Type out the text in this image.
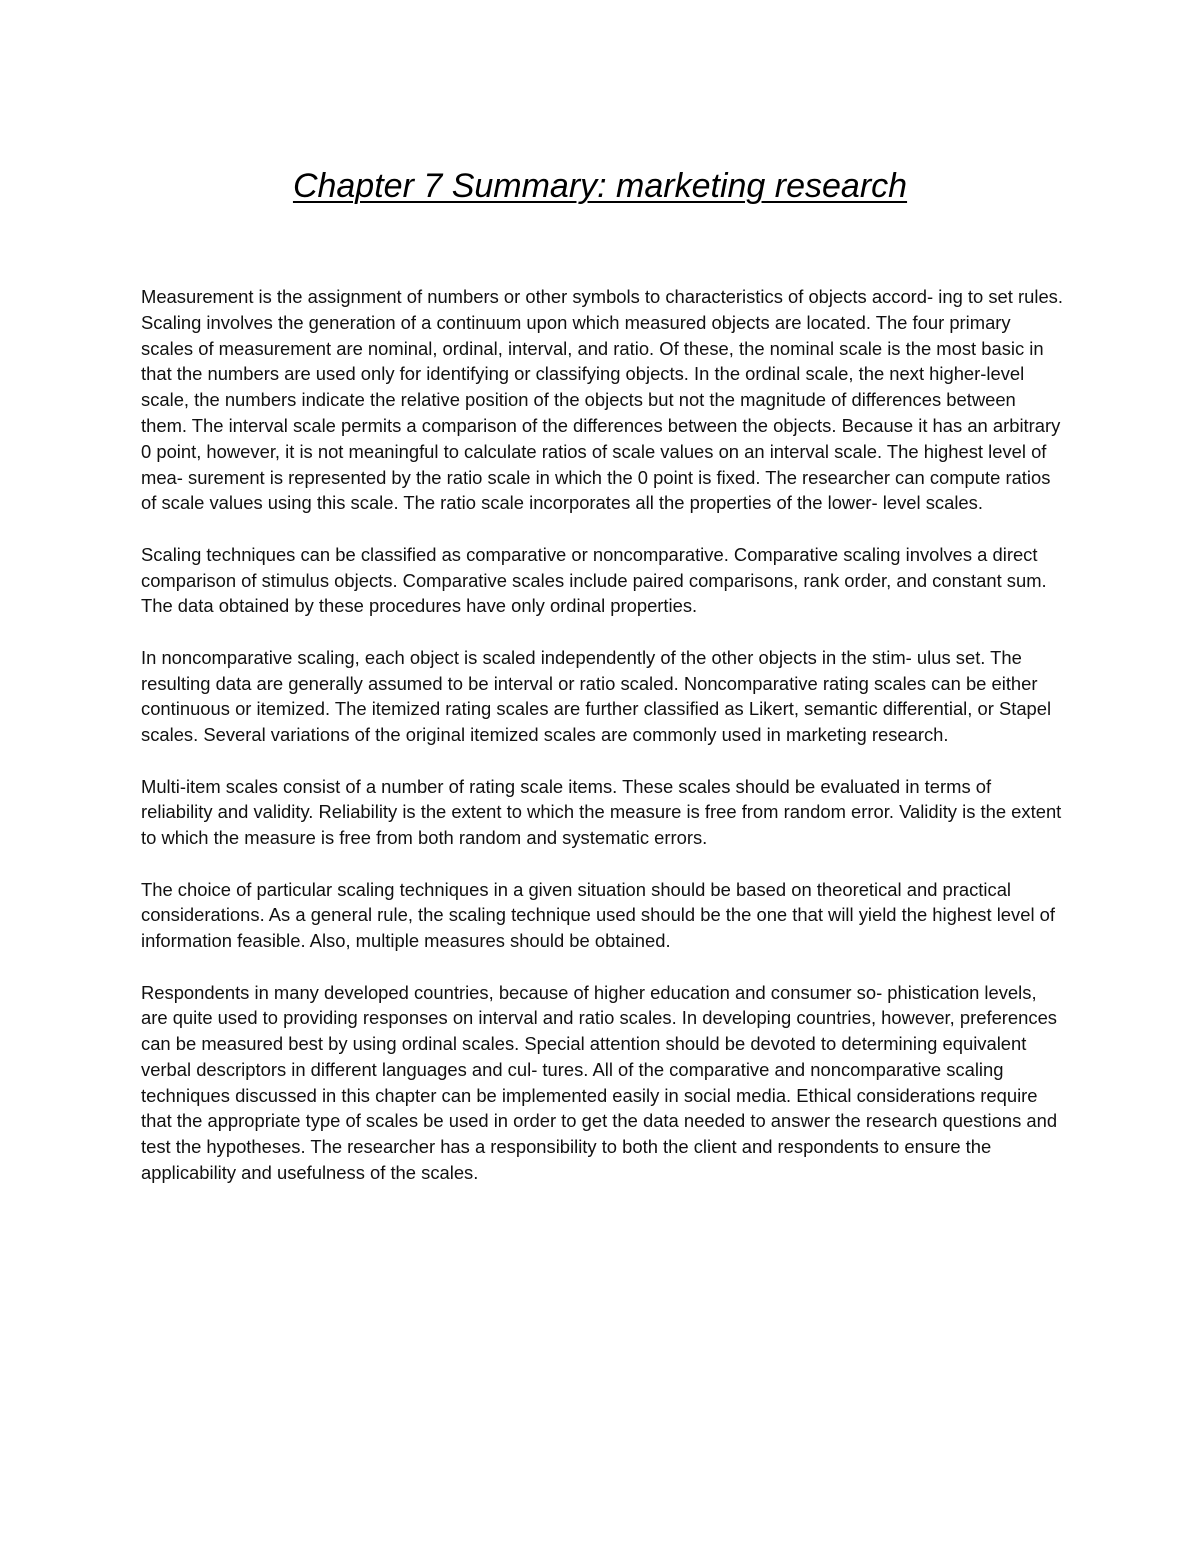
Chapter 7 Summary: marketing research

Measurement is the assignment of numbers or other symbols to characteristics of objects accord- ing to set rules. Scaling involves the generation of a continuum upon which measured objects are located. The four primary scales of measurement are nominal, ordinal, interval, and ratio. Of these, the nominal scale is the most basic in that the numbers are used only for identifying or classifying objects. In the ordinal scale, the next higher-level scale, the numbers indicate the relative position of the objects but not the magnitude of differences between them. The interval scale permits a comparison of the differences between the objects. Because it has an arbitrary 0 point, however, it is not meaningful to calculate ratios of scale values on an interval scale. The highest level of mea- surement is represented by the ratio scale in which the 0 point is fixed. The researcher can compute ratios of scale values using this scale. The ratio scale incorporates all the properties of the lower- level scales.

Scaling techniques can be classified as comparative or noncomparative. Comparative scaling involves a direct comparison of stimulus objects. Comparative scales include paired comparisons, rank order, and constant sum. The data obtained by these procedures have only ordinal properties.

In noncomparative scaling, each object is scaled independently of the other objects in the stim- ulus set. The resulting data are generally assumed to be interval or ratio scaled. Noncomparative rating scales can be either continuous or itemized. The itemized rating scales are further classified as Likert, semantic differential, or Stapel scales. Several variations of the original itemized scales are commonly used in marketing research.

Multi-item scales consist of a number of rating scale items. These scales should be evaluated in terms of reliability and validity. Reliability is the extent to which the measure is free from random error. Validity is the extent to which the measure is free from both random and systematic errors.

The choice of particular scaling techniques in a given situation should be based on theoretical and practical considerations. As a general rule, the scaling technique used should be the one that will yield the highest level of information feasible. Also, multiple measures should be obtained.

Respondents in many developed countries, because of higher education and consumer so- phistication levels, are quite used to providing responses on interval and ratio scales. In developing countries, however, preferences can be measured best by using ordinal scales. Special attention should be devoted to determining equivalent verbal descriptors in different languages and cul- tures. All of the comparative and noncomparative scaling techniques discussed in this chapter can be implemented easily in social media. Ethical considerations require that the appropriate type of scales be used in order to get the data needed to answer the research questions and test the hypotheses. The researcher has a responsibility to both the client and respondents to ensure the applicability and usefulness of the scales.
